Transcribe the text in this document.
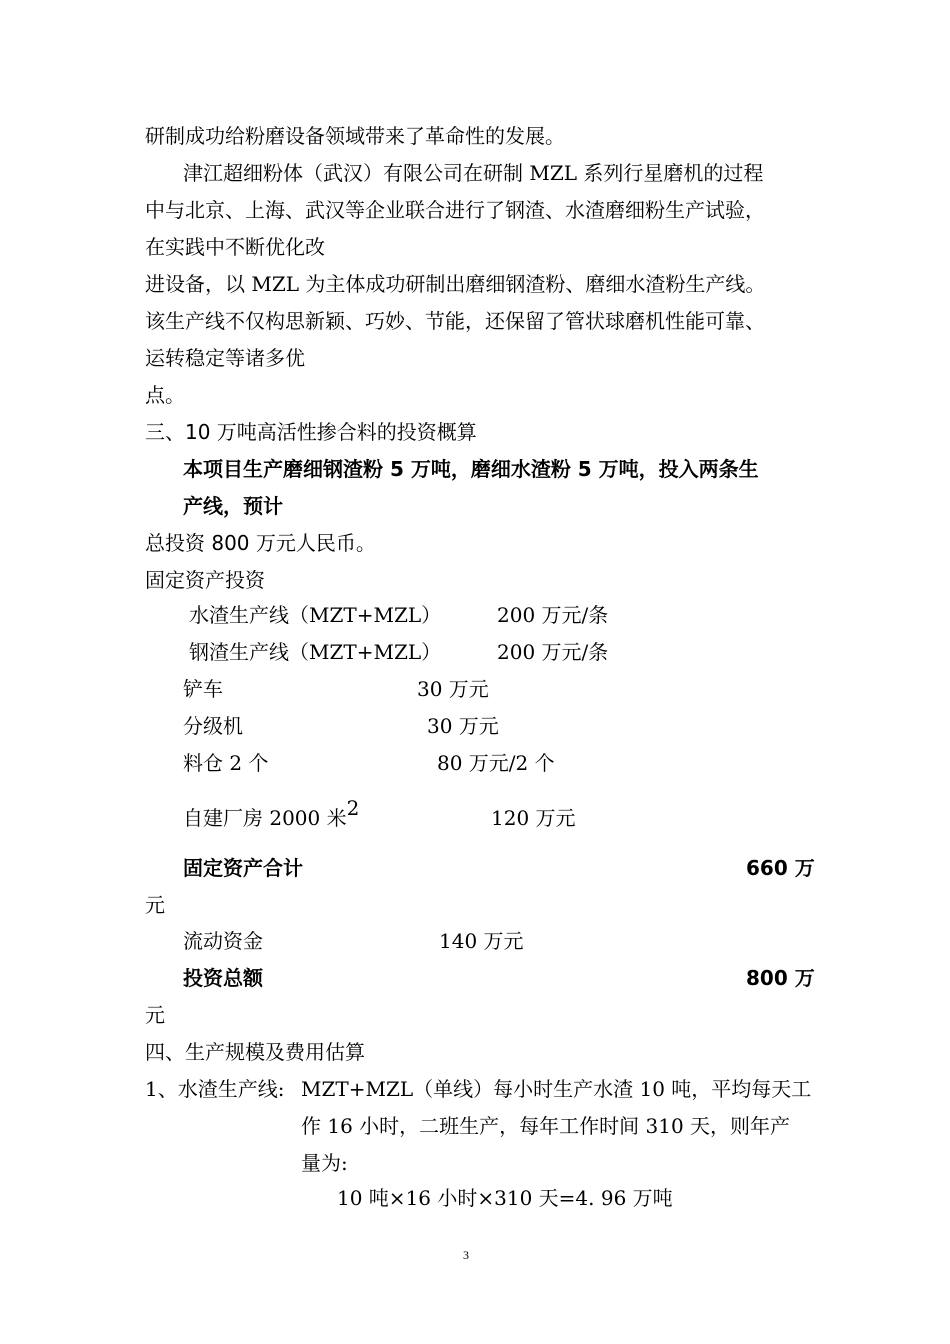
研制成功给粉磨设备领域带来了革命性的发展。
津江超细粉体（武汉）有限公司在研制 MZL 系列行星磨机的过程
中与北京、上海、武汉等企业联合进行了钢渣、水渣磨细粉生产试验，
在实践中不断优化改
进设备，以 MZL 为主体成功研制出磨细钢渣粉、磨细水渣粉生产线。
该生产线不仅构思新颖、巧妙、节能，还保留了管状球磨机性能可靠、
运转稳定等诸多优
点。
三、10 万吨高活性掺合料的投资概算
本项目生产磨细钢渣粉 5 万吨，磨细水渣粉 5 万吨，投入两条生
产线，预计
总投资 800 万元人民币。
固定资产投资
水渣生产线（MZT+MZL）	200 万元/条
钢渣生产线（MZT+MZL）	200 万元/条
铲车	30 万元
分级机	30 万元
料仓 2 个	80 万元/2 个
自建厂房 2000 米2	120 万元
固定资产合计	660 万
元
流动资金	140 万元
投资总额	800 万
元
四、生产规模及费用估算
1、水渣生产线: MZT+MZL（单线）每小时生产水渣 10 吨，平均每天工
作 16 小时，二班生产，每年工作时间 310 天，则年产
量为:
10 吨×16 小时×310 天=4. 96 万吨
3
